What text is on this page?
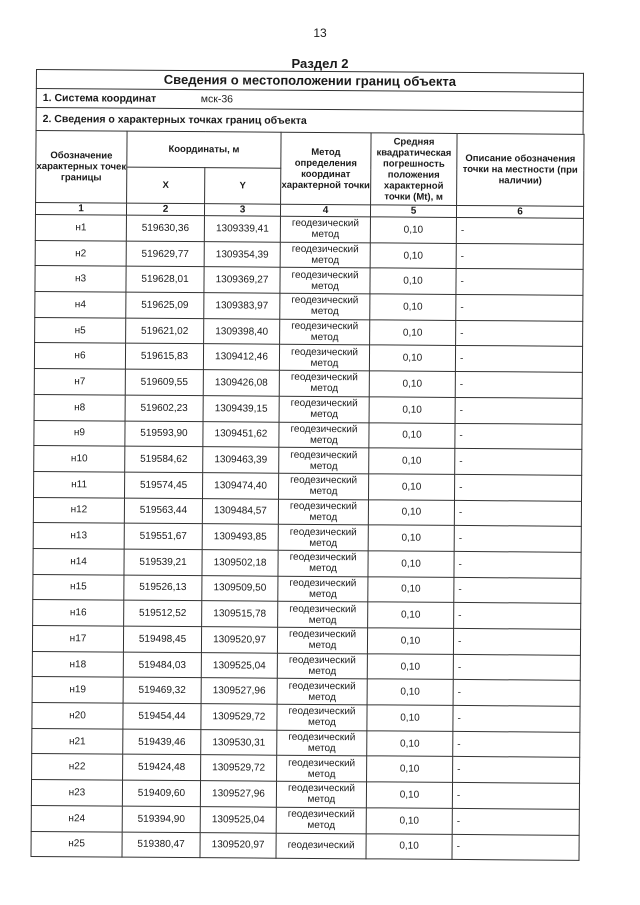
13
Раздел 2
Сведения о местоположении границ объекта
1. Система координат	мск-36
2. Сведения о характерных точках границ объекта
Обозначение характерных точек границы	Координаты, м		Метод определения координат характерной точки	Средняя квадратическая погрешность положения характерной точки (Mt), м	Описание обозначения точки на местности (при наличии)
	X	Y			
1	2	3	4	5	6
н1	519630,36	1309339,41	геодезический метод	0,10	-
н2	519629,77	1309354,39	геодезический метод	0,10	-
н3	519628,01	1309369,27	геодезический метод	0,10	-
н4	519625,09	1309383,97	геодезический метод	0,10	-
н5	519621,02	1309398,40	геодезический метод	0,10	-
н6	519615,83	1309412,46	геодезический метод	0,10	-
н7	519609,55	1309426,08	геодезический метод	0,10	-
н8	519602,23	1309439,15	геодезический метод	0,10	-
н9	519593,90	1309451,62	геодезический метод	0,10	-
н10	519584,62	1309463,39	геодезический метод	0,10	-
н11	519574,45	1309474,40	геодезический метод	0,10	-
н12	519563,44	1309484,57	геодезический метод	0,10	-
н13	519551,67	1309493,85	геодезический метод	0,10	-
н14	519539,21	1309502,18	геодезический метод	0,10	-
н15	519526,13	1309509,50	геодезический метод	0,10	-
н16	519512,52	1309515,78	геодезический метод	0,10	-
н17	519498,45	1309520,97	геодезический метод	0,10	-
н18	519484,03	1309525,04	геодезический метод	0,10	-
н19	519469,32	1309527,96	геодезический метод	0,10	-
н20	519454,44	1309529,72	геодезический метод	0,10	-
н21	519439,46	1309530,31	геодезический метод	0,10	-
н22	519424,48	1309529,72	геодезический метод	0,10	-
н23	519409,60	1309527,96	геодезический метод	0,10	-
н24	519394,90	1309525,04	геодезический метод	0,10	-
н25	519380,47	1309520,97	геодезический	0,10	-
